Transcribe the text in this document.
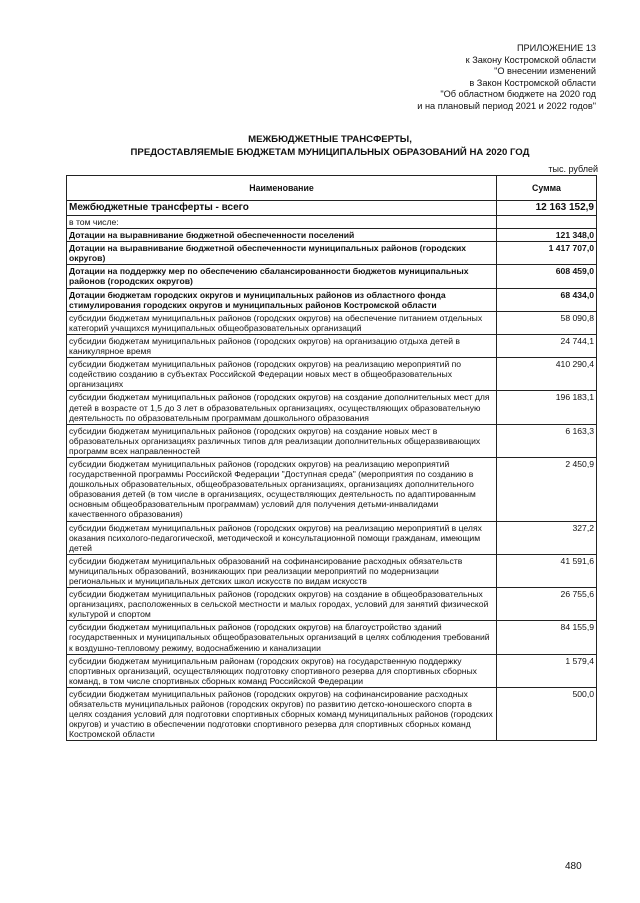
ПРИЛОЖЕНИЕ 13
к Закону Костромской области
"О внесении изменений
в Закон Костромской области
"Об областном бюджете на 2020 год
и на плановый период 2021 и 2022 годов"
МЕЖБЮДЖЕТНЫЕ ТРАНСФЕРТЫ,
ПРЕДОСТАВЛЯЕМЫЕ БЮДЖЕТАМ МУНИЦИПАЛЬНЫХ ОБРАЗОВАНИЙ НА 2020 ГОД
тыс. рублей
Наименование	Сумма
Межбюджетные трансферты - всего	12 163 152,9
в том числе:	
Дотации на выравнивание бюджетной обеспеченности поселений	121 348,0
Дотации на выравнивание бюджетной обеспеченности муниципальных районов (городских округов)	1 417 707,0
Дотации на поддержку мер по обеспечению сбалансированности бюджетов муниципальных районов (городских округов)	608 459,0
Дотации бюджетам городских округов и муниципальных районов из областного фонда стимулирования городских округов и муниципальных районов Костромской области	68 434,0
субсидии бюджетам муниципальных районов (городских округов) на обеспечение питанием отдельных категорий учащихся муниципальных общеобразовательных организаций	58 090,8
субсидии бюджетам муниципальных районов (городских округов) на организацию отдыха детей в каникулярное время	24 744,1
субсидии бюджетам муниципальных районов (городских округов) на реализацию мероприятий по содействию созданию в субъектах Российской Федерации новых мест в общеобразовательных организациях	410 290,4
субсидии бюджетам муниципальных районов (городских округов) на создание дополнительных мест для детей в возрасте от 1,5 до 3 лет в образовательных организациях, осуществляющих образовательную деятельность по образовательным программам дошкольного образования	196 183,1
субсидии бюджетам муниципальных районов (городских округов) на создание новых мест в образовательных организациях различных типов для реализации дополнительных общеразвивающих программ всех направленностей	6 163,3
субсидии бюджетам муниципальных районов (городских округов) на реализацию мероприятий государственной программы Российской Федерации "Доступная среда" (мероприятия по созданию в дошкольных образовательных, общеобразовательных организациях, организациях дополнительного образования детей (в том числе в организациях, осуществляющих деятельность по адаптированным основным общеобразовательным программам) условий для получения детьми-инвалидами качественного образования)	2 450,9
субсидии бюджетам муниципальных районов (городских округов) на реализацию мероприятий в целях оказания психолого-педагогической, методической и консультационной помощи гражданам, имеющим детей	327,2
субсидии бюджетам муниципальных образований на софинансирование расходных обязательств муниципальных образований, возникающих при реализации мероприятий по модернизации региональных и муниципальных детских школ искусств по видам искусств	41 591,6
субсидии бюджетам муниципальных районов (городских округов) на создание в общеобразовательных организациях, расположенных в сельской местности и малых городах, условий для занятий физической культурой и спортом	26 755,6
субсидии бюджетам муниципальных районов (городских округов) на благоустройство зданий государственных и муниципальных общеобразовательных организаций в целях соблюдения требований к воздушно-тепловому режиму, водоснабжению и канализации	84 155,9
субсидии бюджетам муниципальным районам (городских округов) на государственную поддержку спортивных организаций, осуществляющих подготовку спортивного резерва для спортивных сборных команд, в том числе спортивных сборных команд Российской Федерации	1 579,4
субсидии бюджетам муниципальных районов (городских округов) на софинансирование расходных обязательств муниципальных районов (городских округов) по развитию детско-юношеского спорта в целях создания условий для подготовки спортивных сборных команд муниципальных районов (городских округов) и участию в обеспечении подготовки спортивного резерва для спортивных сборных команд Костромской области	500,0
480
